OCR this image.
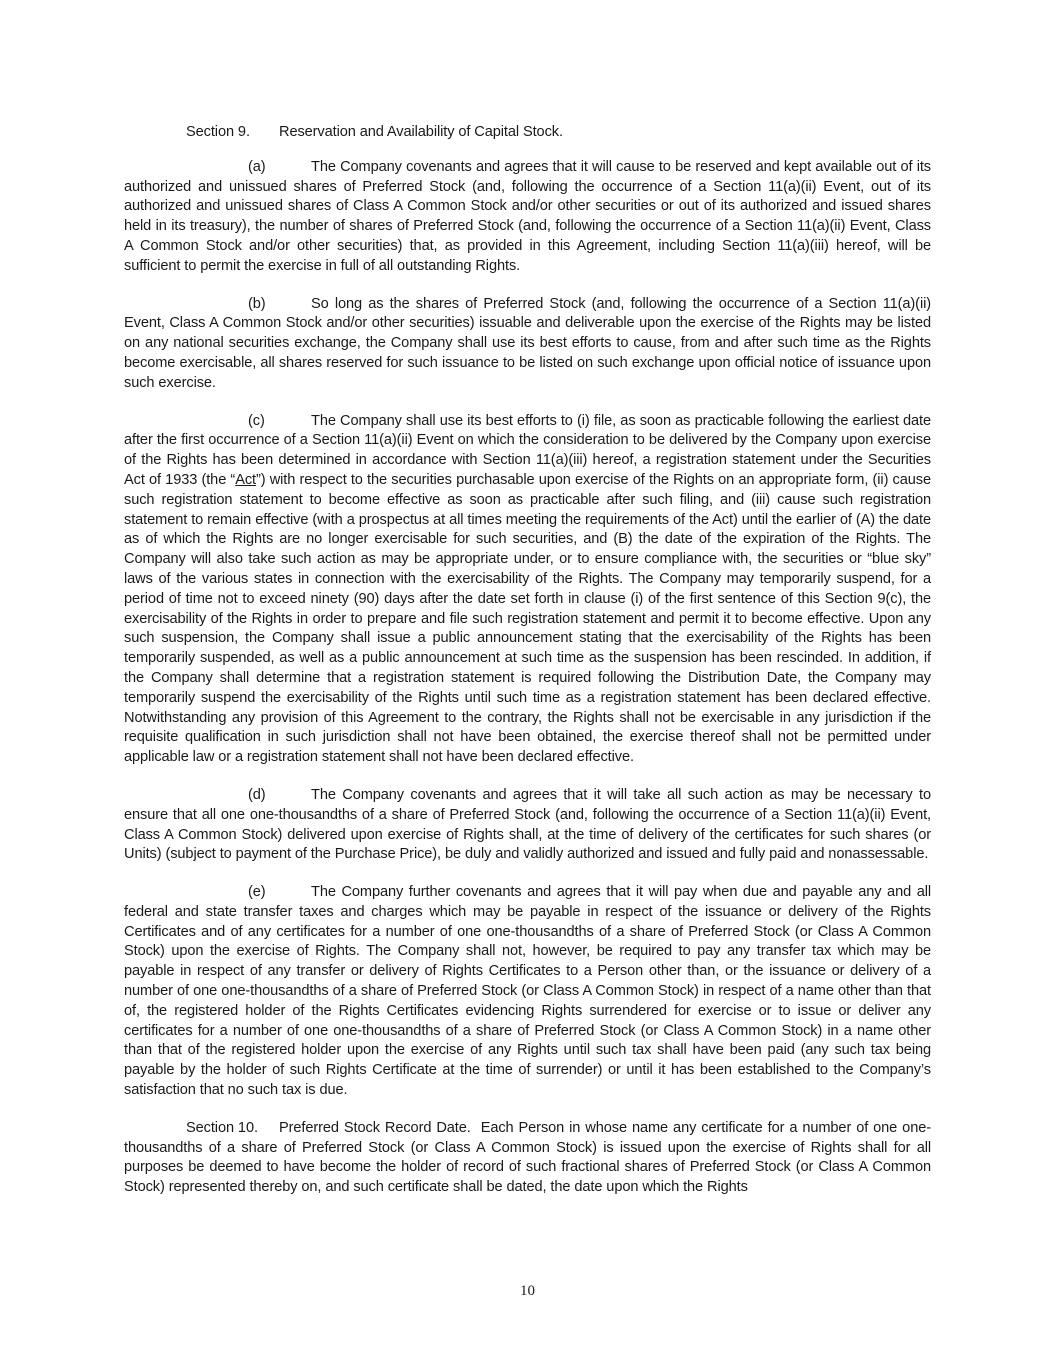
Section 9. Reservation and Availability of Capital Stock.

(a)	The Company covenants and agrees that it will cause to be reserved and kept available out of its authorized and unissued shares of Preferred Stock (and, following the occurrence of a Section 11(a)(ii) Event, out of its authorized and unissued shares of Class A Common Stock and/or other securities or out of its authorized and issued shares held in its treasury), the number of shares of Preferred Stock (and, following the occurrence of a Section 11(a)(ii) Event, Class A Common Stock and/or other securities) that, as provided in this Agreement, including Section 11(a)(iii) hereof, will be sufficient to permit the exercise in full of all outstanding Rights.

(b)	So long as the shares of Preferred Stock (and, following the occurrence of a Section 11(a)(ii) Event, Class A Common Stock and/or other securities) issuable and deliverable upon the exercise of the Rights may be listed on any national securities exchange, the Company shall use its best efforts to cause, from and after such time as the Rights become exercisable, all shares reserved for such issuance to be listed on such exchange upon official notice of issuance upon such exercise.

(c)	The Company shall use its best efforts to (i) file, as soon as practicable following the earliest date after the first occurrence of a Section 11(a)(ii) Event on which the consideration to be delivered by the Company upon exercise of the Rights has been determined in accordance with Section 11(a)(iii) hereof, a registration statement under the Securities Act of 1933 (the “Act”) with respect to the securities purchasable upon exercise of the Rights on an appropriate form, (ii) cause such registration statement to become effective as soon as practicable after such filing, and (iii) cause such registration statement to remain effective (with a prospectus at all times meeting the requirements of the Act) until the earlier of (A) the date as of which the Rights are no longer exercisable for such securities, and (B) the date of the expiration of the Rights. The Company will also take such action as may be appropriate under, or to ensure compliance with, the securities or “blue sky” laws of the various states in connection with the exercisability of the Rights. The Company may temporarily suspend, for a period of time not to exceed ninety (90) days after the date set forth in clause (i) of the first sentence of this Section 9(c), the exercisability of the Rights in order to prepare and file such registration statement and permit it to become effective. Upon any such suspension, the Company shall issue a public announcement stating that the exercisability of the Rights has been temporarily suspended, as well as a public announcement at such time as the suspension has been rescinded. In addition, if the Company shall determine that a registration statement is required following the Distribution Date, the Company may temporarily suspend the exercisability of the Rights until such time as a registration statement has been declared effective. Notwithstanding any provision of this Agreement to the contrary, the Rights shall not be exercisable in any jurisdiction if the requisite qualification in such jurisdiction shall not have been obtained, the exercise thereof shall not be permitted under applicable law or a registration statement shall not have been declared effective.

(d)	The Company covenants and agrees that it will take all such action as may be necessary to ensure that all one one-thousandths of a share of Preferred Stock (and, following the occurrence of a Section 11(a)(ii) Event, Class A Common Stock) delivered upon exercise of Rights shall, at the time of delivery of the certificates for such shares (or Units) (subject to payment of the Purchase Price), be duly and validly authorized and issued and fully paid and nonassessable.

(e)	The Company further covenants and agrees that it will pay when due and payable any and all federal and state transfer taxes and charges which may be payable in respect of the issuance or delivery of the Rights Certificates and of any certificates for a number of one one-thousandths of a share of Preferred Stock (or Class A Common Stock) upon the exercise of Rights. The Company shall not, however, be required to pay any transfer tax which may be payable in respect of any transfer or delivery of Rights Certificates to a Person other than, or the issuance or delivery of a number of one one-thousandths of a share of Preferred Stock (or Class A Common Stock) in respect of a name other than that of, the registered holder of the Rights Certificates evidencing Rights surrendered for exercise or to issue or deliver any certificates for a number of one one-thousandths of a share of Preferred Stock (or Class A Common Stock) in a name other than that of the registered holder upon the exercise of any Rights until such tax shall have been paid (any such tax being payable by the holder of such Rights Certificate at the time of surrender) or until it has been established to the Company’s satisfaction that no such tax is due.

Section 10. Preferred Stock Record Date. Each Person in whose name any certificate for a number of one one-thousandths of a share of Preferred Stock (or Class A Common Stock) is issued upon the exercise of Rights shall for all purposes be deemed to have become the holder of record of such fractional shares of Preferred Stock (or Class A Common Stock) represented thereby on, and such certificate shall be dated, the date upon which the Rights

10
